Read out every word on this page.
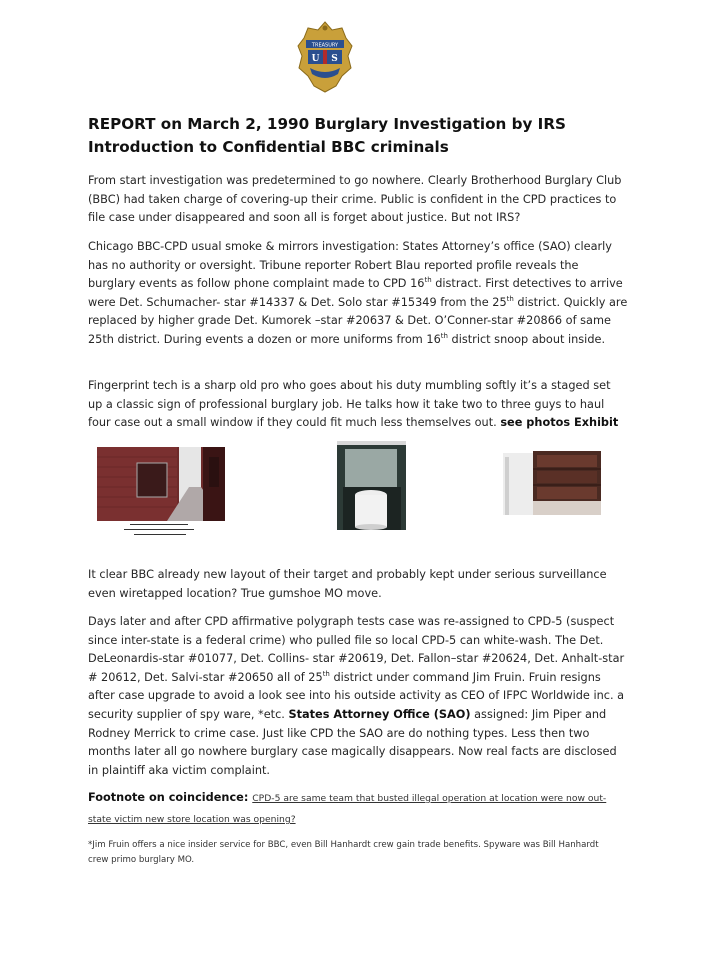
TREASURY
U S
REPORT on March 2, 1990 Burglary Investigation by IRS
Introduction to Confidential BBC criminals
From start investigation was predetermined to go nowhere. Clearly Brotherhood Burglary Club (BBC) had taken charge of covering-up their crime. Public is confident in the CPD practices to file case under disappeared and soon all is forget about justice. But not IRS?
Chicago BBC-CPD usual smoke & mirrors investigation: States Attorney’s office (SAO) clearly has no authority or oversight. Tribune reporter Robert Blau reported profile reveals the burglary events as follow phone complaint made to CPD 16th distract. First detectives to arrive were Det. Schumacher- star #14337 & Det. Solo star #15349 from the 25th district. Quickly are replaced by higher grade Det. Kumorek –star #20637 & Det. O’Conner-star #20866 of same 25th district. During events a dozen or more uniforms from 16th district snoop about inside.
Fingerprint tech is a sharp old pro who goes about his duty mumbling softly it’s a staged set up a classic sign of professional burglary job. He talks how it take two to three guys to haul four case out a small window if they could fit much less themselves out. see photos Exhibit
It clear BBC already new layout of their target and probably kept under serious surveillance even wiretapped location? True gumshoe MO move.
Days later and after CPD affirmative polygraph tests case was re-assigned to CPD-5 (suspect since inter-state is a federal crime) who pulled file so local CPD-5 can white-wash. The Det. DeLeonardis-star #01077, Det. Collins- star #20619, Det. Fallon–star #20624, Det. Anhalt-star # 20612, Det. Salvi-star #20650 all of 25th district under command Jim Fruin. Fruin resigns after case upgrade to avoid a look see into his outside activity as CEO of IFPC Worldwide inc. a security supplier of spy ware, *etc. States Attorney Office (SAO) assigned: Jim Piper and Rodney Merrick to crime case. Just like CPD the SAO are do nothing types. Less then two months later all go nowhere burglary case magically disappears. Now real facts are disclosed in plaintiff aka victim complaint.
Footnote on coincidence: CPD-5 are same team that busted illegal operation at location were now out-state victim new store location was opening?
*Jim Fruin offers a nice insider service for BBC, even Bill Hanhardt crew gain trade benefits. Spyware was Bill Hanhardt crew primo burglary MO.
